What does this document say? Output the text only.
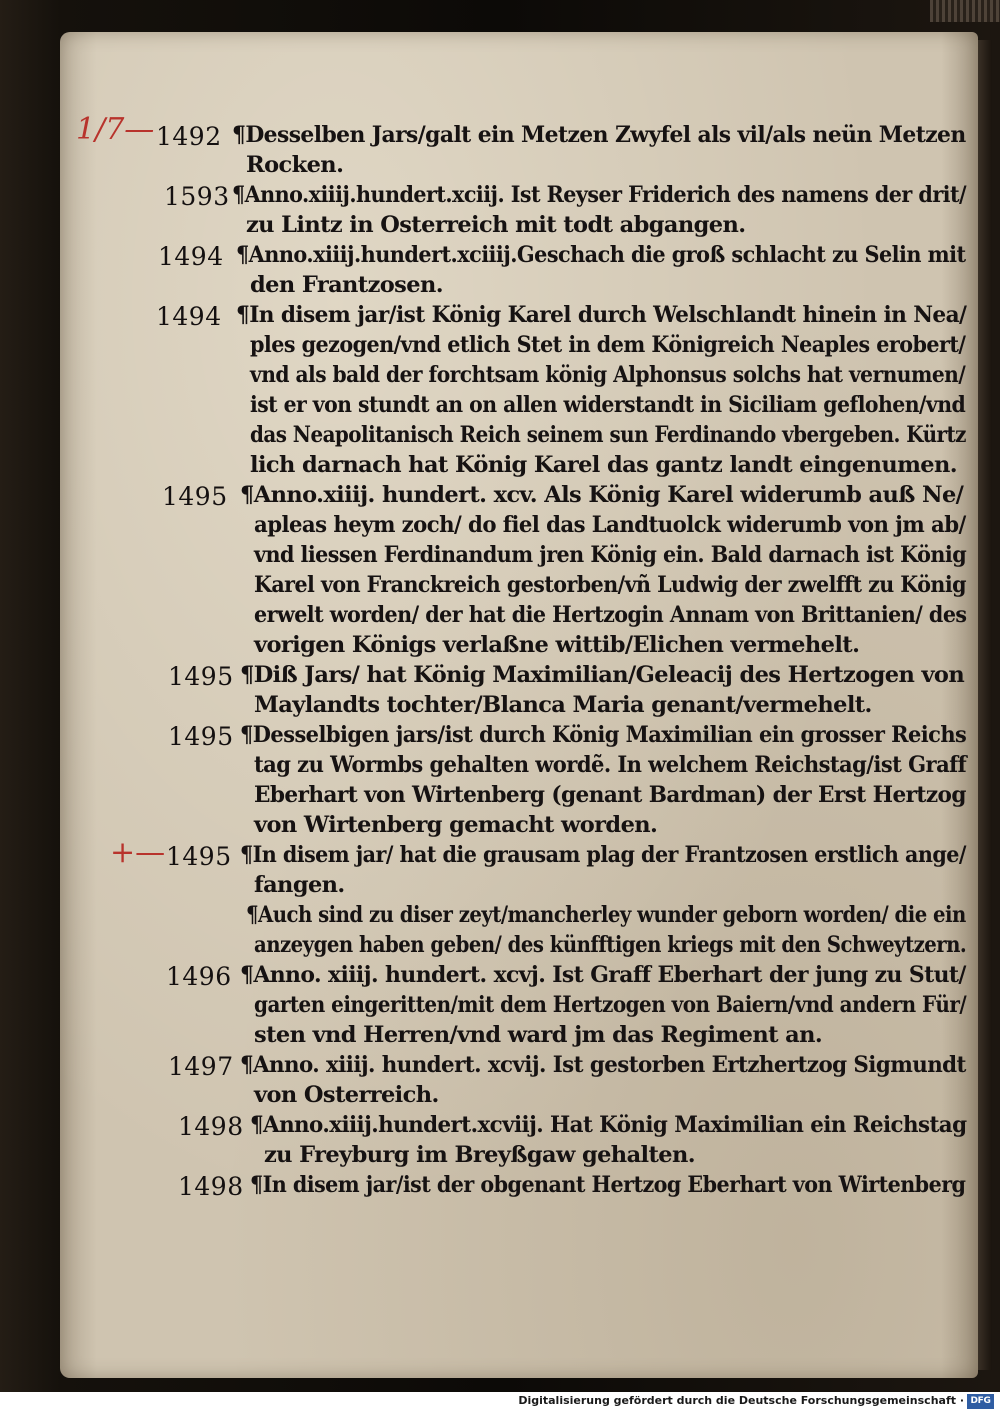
1/7—
+—
1492 ¶Desselben Jars/galt ein Metzen Zwyfel als vil/als neün Metzen
Rocken.
1593 ¶Anno.xiiij.hundert.xciij. Ist Reyser Friderich des namens der drit/
zu Lintz in Osterreich mit todt abgangen.
1494 ¶Anno.xiiij.hundert.xciiij.Geschach die groß schlacht zu Selin mit
den Frantzosen.
1494 ¶In disem jar/ist König Karel durch Welschlandt hinein in Nea/
ples gezogen/vnd etlich Stet in dem Königreich Neaples erobert/
vnd als bald der forchtsam könig Alphonsus solchs hat vernumen/
ist er von stundt an on allen widerstandt in Siciliam geflohen/vnd
das Neapolitanisch Reich seinem sun Ferdinando vbergeben. Kürtz
lich darnach hat König Karel das gantz landt eingenumen.
1495 ¶Anno.xiiij. hundert. xcv. Als König Karel widerumb auß Ne/
apleas heym zoch/ do fiel das Landtuolck widerumb von jm ab/
vnd liessen Ferdinandum jren König ein. Bald darnach ist König
Karel von Franckreich gestorben/vñ Ludwig der zwelfft zu König
erwelt worden/ der hat die Hertzogin Annam von Brittanien/ des
vorigen Königs verlaßne wittib/Elichen vermehelt.
1495 ¶Diß Jars/ hat König Maximilian/Geleacij des Hertzogen von
Maylandts tochter/Blanca Maria genant/vermehelt.
1495 ¶Desselbigen jars/ist durch König Maximilian ein grosser Reichs
tag zu Wormbs gehalten wordẽ. In welchem Reichstag/ist Graff
Eberhart von Wirtenberg (genant Bardman) der Erst Hertzog
von Wirtenberg gemacht worden.
1495 ¶In disem jar/ hat die grausam plag der Frantzosen erstlich ange/
fangen.
¶Auch sind zu diser zeyt/mancherley wunder geborn worden/ die ein
anzeygen haben geben/ des künfftigen kriegs mit den Schweytzern.
1496 ¶Anno. xiiij. hundert. xcvj. Ist Graff Eberhart der jung zu Stut/
garten eingeritten/mit dem Hertzogen von Baiern/vnd andern Für/
sten vnd Herren/vnd ward jm das Regiment an.
1497 ¶Anno. xiiij. hundert. xcvij. Ist gestorben Ertzhertzog Sigmundt
von Osterreich.
1498 ¶Anno.xiiij.hundert.xcviij. Hat König Maximilian ein Reichstag
zu Freyburg im Breyßgaw gehalten.
1498 ¶In disem jar/ist der obgenant Hertzog Eberhart von Wirtenberg
Digitalisierung gefördert durch die Deutsche Forschungsgemeinschaft · DFG
